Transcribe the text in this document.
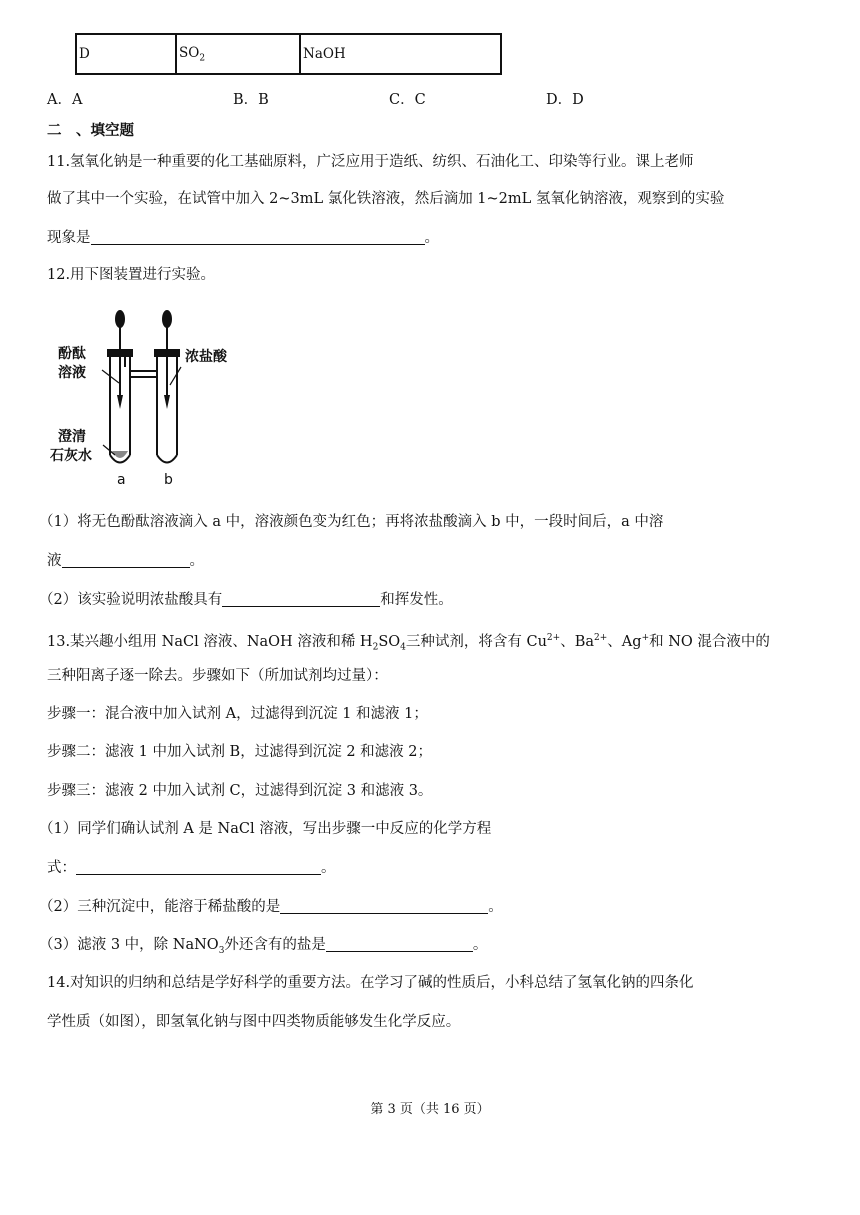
D	$SO_2$	NaOH
A．A	B．B	C．C	D．D
二　、填空题
11.氢氧化钠是一种重要的化工基础原料，广泛应用于造纸、纺织、石油化工、印染等行业。课上老师
做了其中一个实验，在试管中加入 2~3mL 氯化铁溶液，然后滴加 1~2mL 氢氧化钠溶液，观察到的实验
现象是	。
12.用下图装置进行实验。
酚酞
溶液
浓盐酸
澄清
石灰水
a	b
（1）将无色酚酞溶液滴入 a 中，溶液颜色变为红色；再将浓盐酸滴入 b 中，一段时间后，a 中溶
液	。
（2）该实验说明浓盐酸具有	和挥发性。
13.某兴趣小组用 NaCl 溶液、NaOH 溶液和稀 $H_2SO_4$三种试剂，将含有 $Cu^{2+}$、$Ba^{2+}$、Ag+和 NO 混合液中的
三种阳离子逐一除去。步骤如下（所加试剂均过量）：
步骤一：混合液中加入试剂 A，过滤得到沉淀 1 和滤液 1；
步骤二：滤液 1 中加入试剂 B，过滤得到沉淀 2 和滤液 2；
步骤三：滤液 2 中加入试剂 C，过滤得到沉淀 3 和滤液 3。
（1）同学们确认试剂 A 是 NaCl 溶液，写出步骤一中反应的化学方程
式：	。
（2）三种沉淀中，能溶于稀盐酸的是	。
（3）滤液 3 中，除 NaNO$_3$外还含有的盐是	。
14.对知识的归纳和总结是学好科学的重要方法。在学习了碱的性质后，小科总结了氢氧化钠的四条化
学性质（如图），即氢氧化钠与图中四类物质能够发生化学反应。
第 3 页（共 16 页）
